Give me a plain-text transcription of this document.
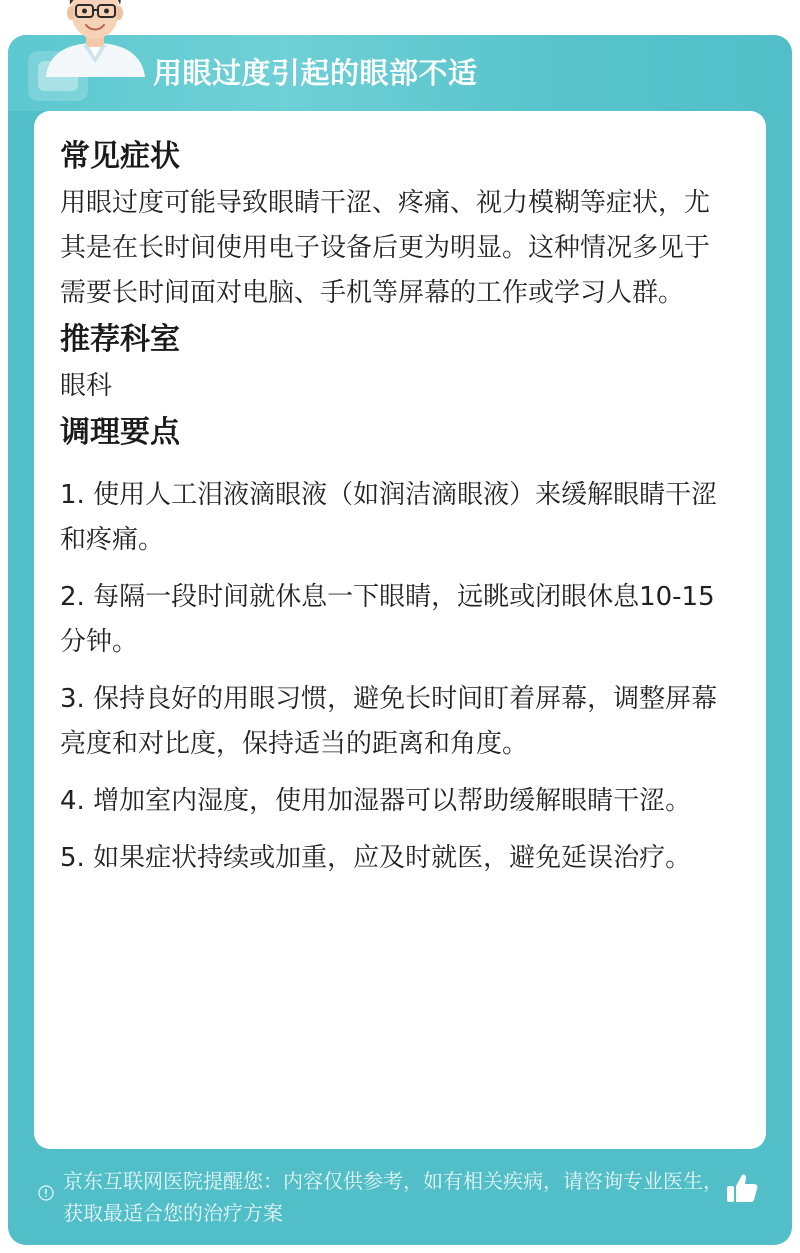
用眼过度引起的眼部不适
常见症状

用眼过度可能导致眼睛干涩、疼痛、视力模糊等症状，尤其是在长时间使用电子设备后更为明显。这种情况多见于需要长时间面对电脑、手机等屏幕的工作或学习人群。

推荐科室

眼科

调理要点

1. 使用人工泪液滴眼液（如润洁滴眼液）来缓解眼睛干涩和疼痛。

2. 每隔一段时间就休息一下眼睛，远眺或闭眼休息10-15分钟。

3. 保持良好的用眼习惯，避免长时间盯着屏幕，调整屏幕亮度和对比度，保持适当的距离和角度。

4. 增加室内湿度，使用加湿器可以帮助缓解眼睛干涩。

5. 如果症状持续或加重，应及时就医，避免延误治疗。

京东互联网医院提醒您：内容仅供参考，如有相关疾病，请咨询专业医生，获取最适合您的治疗方案
